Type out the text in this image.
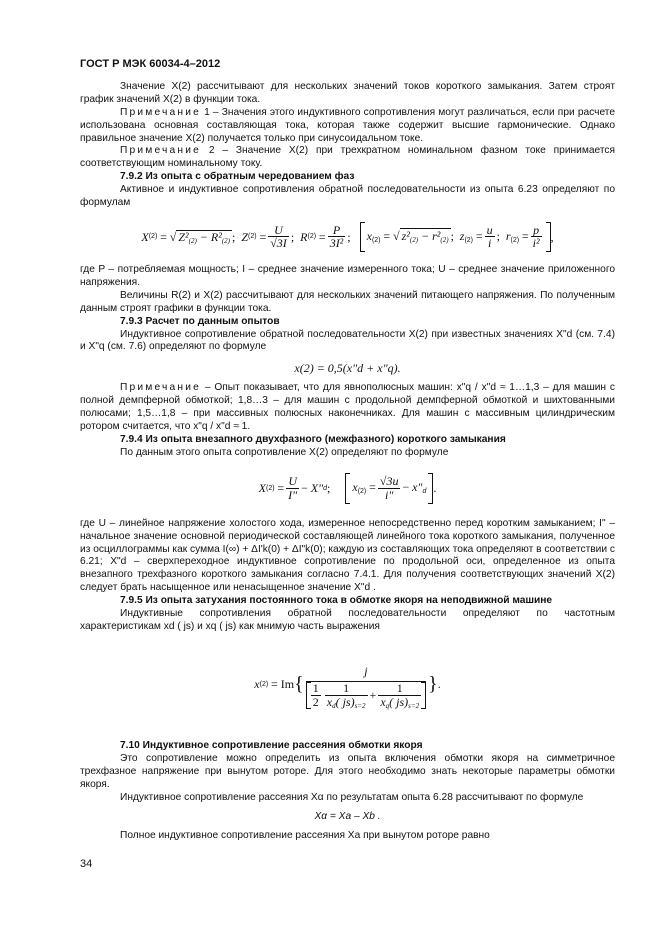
ГОСТ Р МЭК 60034-4–2012

Значение X(2) рассчитывают для нескольких значений токов короткого замыкания. Затем строят график значений X(2) в функции тока.

Примечание 1 – Значения этого индуктивного сопротивления могут различаться, если при расчете использована основная составляющая тока, которая также содержит высшие гармонические. Однако правильное значение X(2) получается только при синусоидальном токе.

Примечание 2 – Значение X(2) при трехкратном номинальном фазном токе принимается соответствующим номинальному току.

7.9.2 Из опыта с обратным чередованием фаз

Активное и индуктивное сопротивления обратной последовательности из опыта 6.23 определяют по формулам

X (2)
=
√ $Z^2_{(2)} - R^2_{(2)}$ ; Z (2)
= $\frac{U}{√3I}$ ; R (2)
= $\frac{P}{\text{3I²}}$ ; $x_{(2)}$ = √ $z^2_{(2)} - r^2_{(2)}$ ;  $z_{(2)} = \frac{u}{i}$ ;  $r_{(2)} = \frac{p}{\text{i²}}$ ,

где P – потребляемая мощность; I – среднее значение измеренного тока; U – среднее значение приложенного напряжения.

Величины R(2) и X(2) рассчитывают для нескольких значений питающего напряжения. По полученным данным строят графики в функции тока.

7.9.3 Расчет по данным опытов

Индуктивное сопротивление обратной последовательности X(2) при известных значениях X"d (см. 7.4) и X"q (см. 7.6) определяют по формуле

x(2) = 0,5(x"d + x"q).

Примечание – Опыт показывает, что для явнополюсных машин: x"q / x"d ≈ 1…1,3 – для машин с полной демпферной обмоткой; 1,8…3 – для машин с продольной демпферной обмоткой и шихтованными полюсами; 1,5…1,8 – при массивных полюсных наконечниках. Для машин с массивным цилиндрическим ротором считается, что x"q / x"d ≈ 1.

7.9.4 Из опыта внезапного двухфазного (межфазного) короткого замыкания

По данным этого опыта сопротивление X(2) определяют по формуле

X (2)
= $\frac{U}{I''}$ −
X″ d ; $x_{(2)} = \frac{√3u}{i''} - x''_d$ .

где U – линейное напряжение холостого хода, измеренное непосредственно перед коротким замыканием; I" – начальное значение основной периодической составляющей линейного тока короткого замыкания, полученное из осциллограммы как сумма I(∞) + ΔI'k(0) + ΔI"k(0); каждую из составляющих тока определяют в соответствии с 6.21; X"d – сверхпереходное индуктивное сопротивление по продольной оси, определенное из опыта внезапного трехфазного короткого замыкания согласно 7.4.1. Для получения соответствующих значений X(2) следует брать насыщенное или ненасыщенное значение X"d .

7.9.5 Из опыта затухания постоянного тока в обмотке якоря на неподвижной машине

Индуктивные сопротивления обратной последовательности определяют по частотным характеристикам xd ( js) и xq ( js) как мнимую часть выражения

x (2)
= Im { $\frac{j}{\frac{1}{2} \frac{1}{x_d( js)_{s=2}} + \frac{1}{x_q( js)_{s=2}}}$ } .

7.10 Индуктивное сопротивление рассеяния обмотки якоря

Это сопротивление можно определить из опыта включения обмотки якоря на симметричное трехфазное напряжение при вынутом роторе. Для этого необходимо знать некоторые параметры обмотки якоря.

Индуктивное сопротивление рассеяния Xα по результатам опыта 6.28 рассчитывают по формуле

Xα = Xa – Xb .

Полное индуктивное сопротивление рассеяния Xa при вынутом роторе равно

34
